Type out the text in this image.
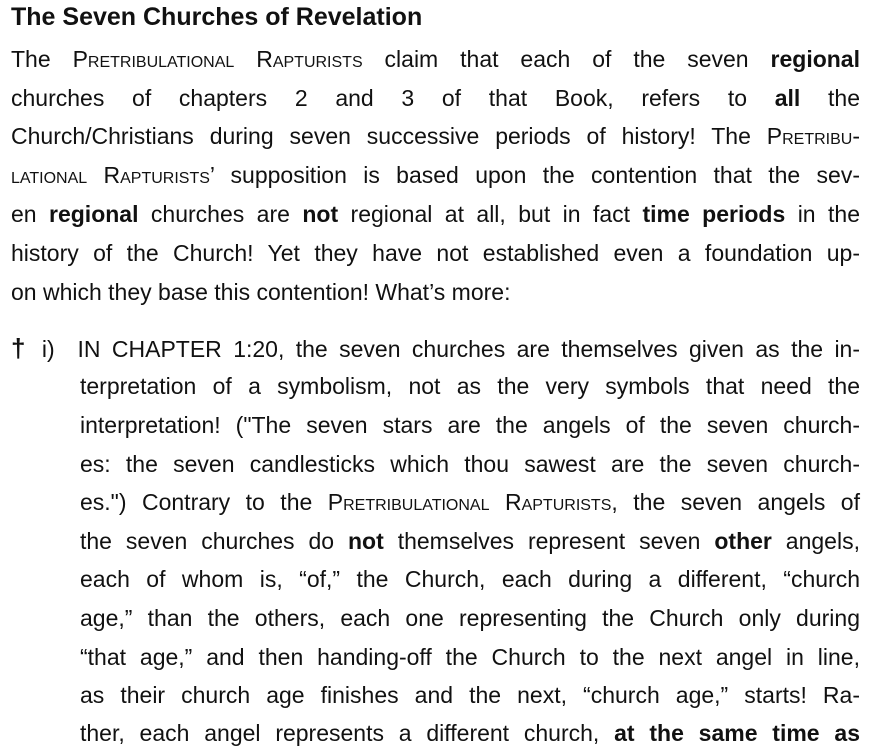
The Seven Churches of Revelation
The Pretribulational Rapturists claim that each of the seven regional
churches of chapters 2 and 3 of that Book, refers to all the
Church/Christians during seven successive periods of history! The Pretribu-
lational Rapturists’ supposition is based upon the contention that the sev-
en regional churches are not regional at all, but in fact time periods in the
history of the Church! Yet they have not established even a foundation up-
on which they base this contention! What’s more:
† i) IN CHAPTER 1:20, the seven churches are themselves given as the in-
terpretation of a symbolism, not as the very symbols that need the
interpretation! ("The seven stars are the angels of the seven church-
es: the seven candlesticks which thou sawest are the seven church-
es.") Contrary to the Pretribulational Rapturists, the seven angels of
the seven churches do not themselves represent seven other angels,
each of whom is, “of,” the Church, each during a different, “church
age,” than the others, each one representing the Church only during
“that age,” and then handing-off the Church to the next angel in line,
as their church age finishes and the next, “church age,” starts! Ra-
ther, each angel represents a different church, at the same time as
